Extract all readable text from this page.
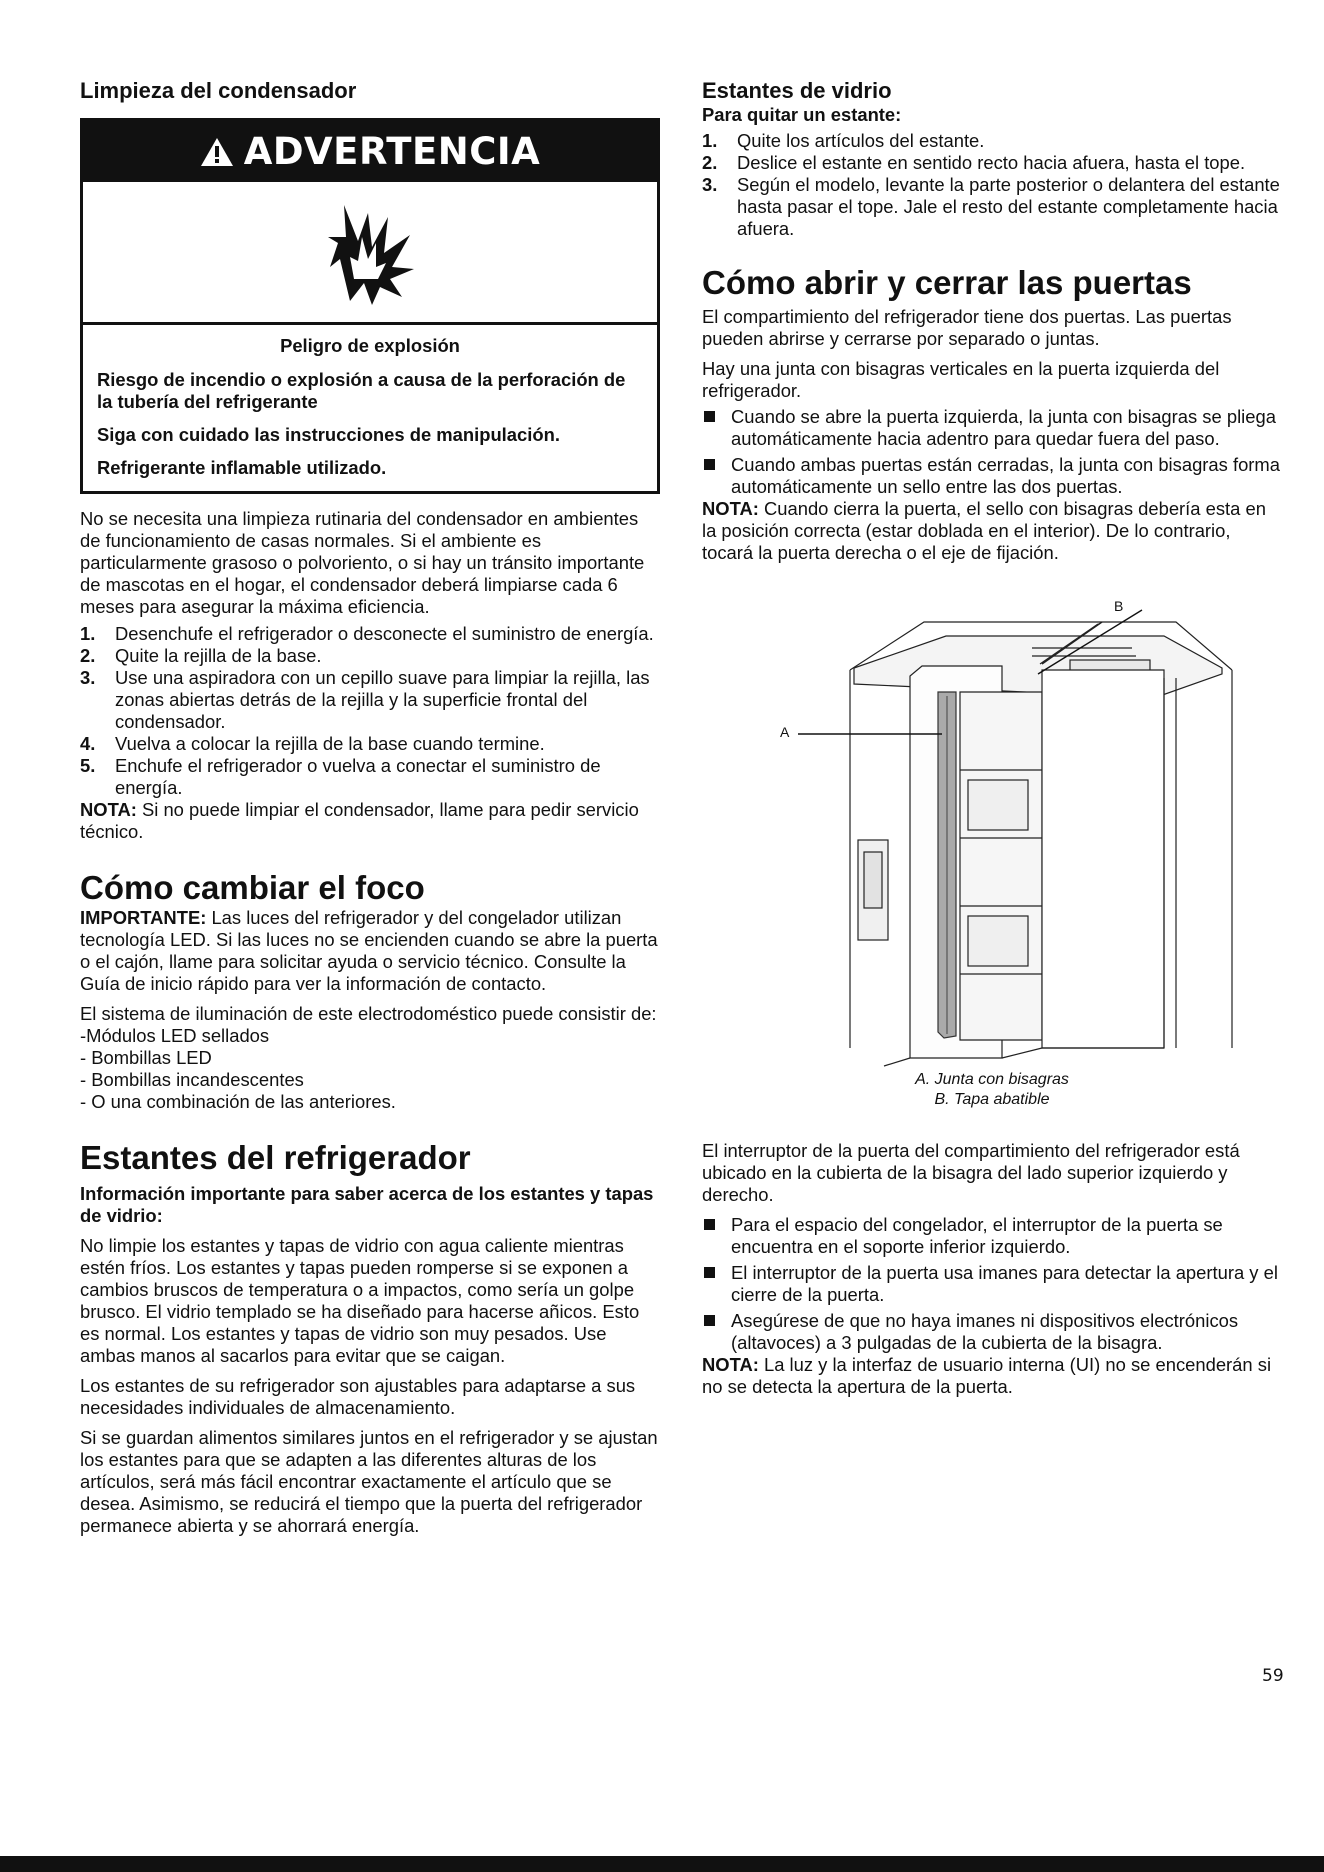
Limpieza del condensador

ADVERTENCIA
Peligro de explosión
Riesgo de incendio o explosión a causa de la perforación de la tubería del refrigerante
Siga con cuidado las instrucciones de manipulación.
Refrigerante inflamable utilizado.

No se necesita una limpieza rutinaria del condensador en ambientes de funcionamiento de casas normales. Si el ambiente es particularmente grasoso o polvoriento, o si hay un tránsito importante de mascotas en el hogar, el condensador deberá limpiarse cada 6 meses para asegurar la máxima eficiencia.

1. Desenchufe el refrigerador o desconecte el suministro de energía.
2. Quite la rejilla de la base.
3. Use una aspiradora con un cepillo suave para limpiar la rejilla, las zonas abiertas detrás de la rejilla y la superficie frontal del condensador.
4. Vuelva a colocar la rejilla de la base cuando termine.
5. Enchufe el refrigerador o vuelva a conectar el suministro de energía.

NOTA: Si no puede limpiar el condensador, llame para pedir servicio técnico.

Cómo cambiar el foco

IMPORTANTE: Las luces del refrigerador y del congelador utilizan tecnología LED. Si las luces no se encienden cuando se abre la puerta o el cajón, llame para solicitar ayuda o servicio técnico. Consulte la Guía de inicio rápido para ver la información de contacto.

El sistema de iluminación de este electrodoméstico puede consistir de:

-Módulos LED sellados

- Bombillas LED

- Bombillas incandescentes

- O una combinación de las anteriores.

Estantes del refrigerador

Información importante para saber acerca de los estantes y tapas de vidrio:

No limpie los estantes y tapas de vidrio con agua caliente mientras estén fríos. Los estantes y tapas pueden romperse si se exponen a cambios bruscos de temperatura o a impactos, como sería un golpe brusco. El vidrio templado se ha diseñado para hacerse añicos. Esto es normal. Los estantes y tapas de vidrio son muy pesados. Use ambas manos al sacarlos para evitar que se caigan.

Los estantes de su refrigerador son ajustables para adaptarse a sus necesidades individuales de almacenamiento.

Si se guardan alimentos similares juntos en el refrigerador y se ajustan los estantes para que se adapten a las diferentes alturas de los artículos, será más fácil encontrar exactamente el artículo que se desea. Asimismo, se reducirá el tiempo que la puerta del refrigerador permanece abierta y se ahorrará energía.

Estantes de vidrio

Para quitar un estante:

1. Quite los artículos del estante.
2. Deslice el estante en sentido recto hacia afuera, hasta el tope.
3. Según el modelo, levante la parte posterior o delantera del estante hasta pasar el tope. Jale el resto del estante completamente hacia afuera.

Cómo abrir y cerrar las puertas

El compartimiento del refrigerador tiene dos puertas. Las puertas pueden abrirse y cerrarse por separado o juntas.

Hay una junta con bisagras verticales en la puerta izquierda del refrigerador.

Cuando se abre la puerta izquierda, la junta con bisagras se pliega automáticamente hacia adentro para quedar fuera del paso.
Cuando ambas puertas están cerradas, la junta con bisagras forma automáticamente un sello entre las dos puertas.

NOTA: Cuando cierra la puerta, el sello con bisagras debería esta en la posición correcta (estar doblada en el interior). De lo contrario, tocará la puerta derecha o el eje de fijación.

A
B
A. Junta con bisagras
B. Tapa abatible

El interruptor de la puerta del compartimiento del refrigerador está ubicado en la cubierta de la bisagra del lado superior izquierdo y derecho.

Para el espacio del congelador, el interruptor de la puerta se encuentra en el soporte inferior izquierdo.
El interruptor de la puerta usa imanes para detectar la apertura y el cierre de la puerta.
Asegúrese de que no haya imanes ni dispositivos electrónicos (altavoces) a 3 pulgadas de la cubierta de la bisagra.

NOTA: La luz y la interfaz de usuario interna (UI) no se encenderán si no se detecta la apertura de la puerta.

59
